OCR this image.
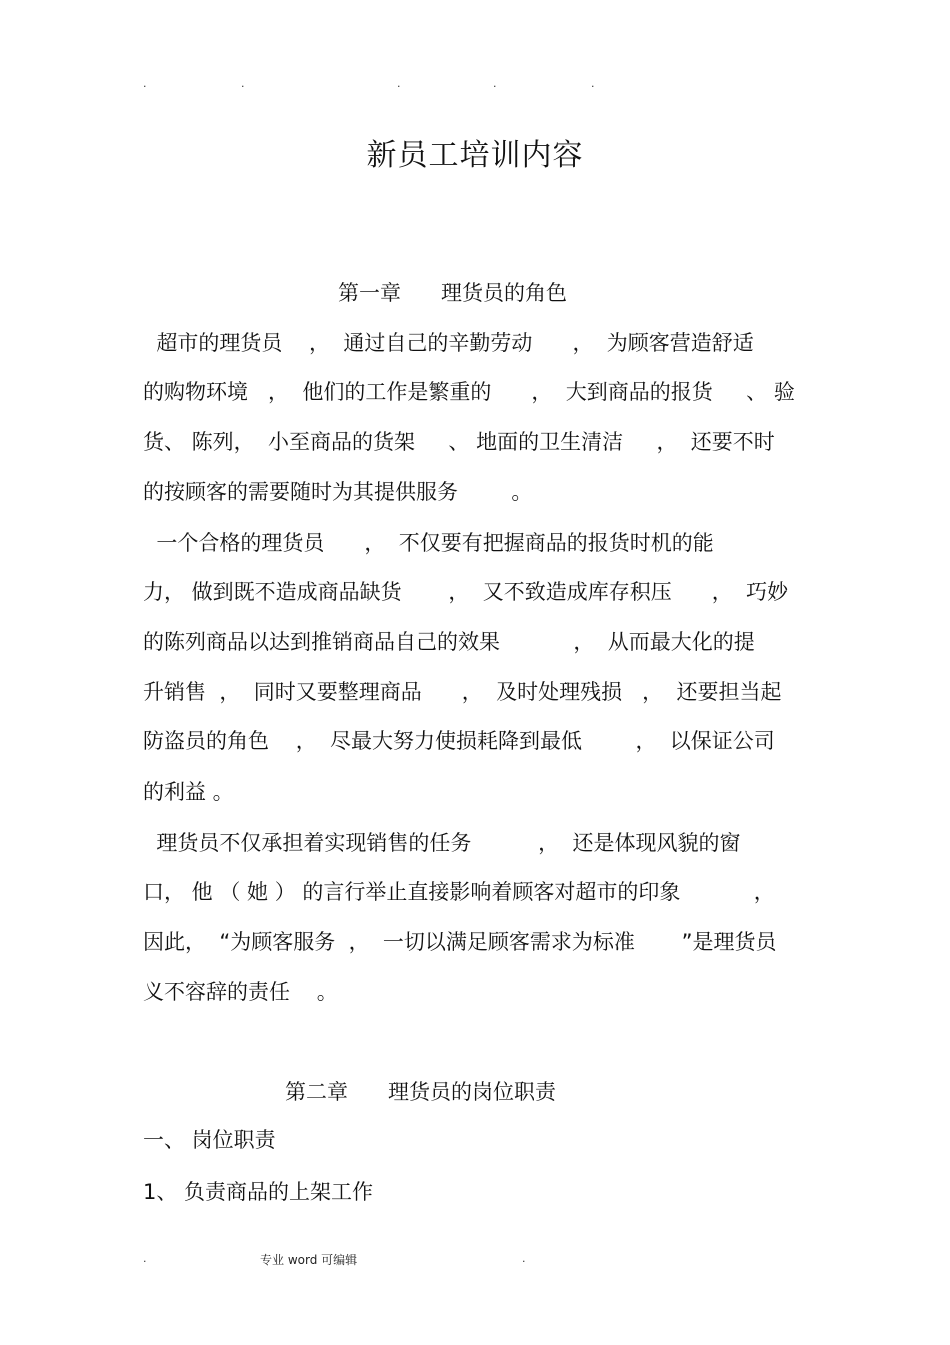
.	.	.	.	.
新员工培训内容
第一章      理货员的角色
超市的理货员    ，  通过自己的辛勤劳动      ，  为顾客营造舒适
的购物环境   ，  他们的工作是繁重的      ，  大到商品的报货     、 验
货、 陈列，  小至商品的货架     、 地面的卫生清洁     ，  还要不时
的按顾客的需要随时为其提供服务        。
一个合格的理货员      ，  不仅要有把握商品的报货时机的能
力， 做到既不造成商品缺货       ，  又不致造成库存积压      ，  巧妙
的陈列商品以达到推销商品自己的效果           ，  从而最大化的提
升销售  ，  同时又要整理商品      ，  及时处理残损   ，  还要担当起
防盗员的角色    ，  尽最大努力使损耗降到最低        ，  以保证公司
的利益 。
理货员不仅承担着实现销售的任务          ，  还是体现风貌的窗
口， 他 （ 她 ） 的言行举止直接影响着顾客对超市的印象           ，
因此，  “为顾客服务  ，  一切以满足顾客需求为标准       ”是理货员
义不容辞的责任    。
第二章      理货员的岗位职责
一、 岗位职责
1、 负责商品的上架工作
.	专业 word 可编辑	.
